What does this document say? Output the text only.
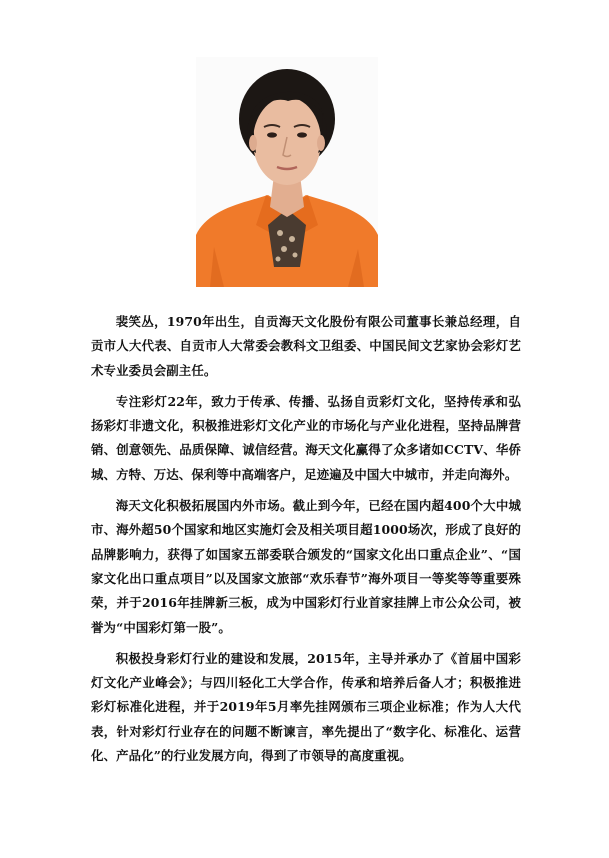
裴笑丛，1970年出生，自贡海天文化股份有限公司董事长兼总经理，自贡市人大代表、自贡市人大常委会教科文卫组委、中国民间文艺家协会彩灯艺术专业委员会副主任。

专注彩灯22年，致力于传承、传播、弘扬自贡彩灯文化，坚持传承和弘扬彩灯非遗文化，积极推进彩灯文化产业的市场化与产业化进程，坚持品牌营销、创意领先、品质保障、诚信经营。海天文化赢得了众多诸如CCTV、华侨城、方特、万达、保利等中高端客户，足迹遍及中国大中城市，并走向海外。

海天文化积极拓展国内外市场。截止到今年，已经在国内超400个大中城市、海外超50个国家和地区实施灯会及相关项目超1000场次，形成了良好的品牌影响力，获得了如国家五部委联合颁发的“国家文化出口重点企业”、“国家文化出口重点项目”以及国家文旅部“欢乐春节”海外项目一等奖等等重要殊荣，并于2016年挂牌新三板，成为中国彩灯行业首家挂牌上市公众公司，被誉为“中国彩灯第一股”。

积极投身彩灯行业的建设和发展，2015年，主导并承办了《首届中国彩灯文化产业峰会》；与四川轻化工大学合作，传承和培养后备人才；积极推进彩灯标准化进程，并于2019年5月率先挂网颁布三项企业标准；作为人大代表，针对彩灯行业存在的问题不断谏言，率先提出了“数字化、标准化、运营化、产品化”的行业发展方向，得到了市领导的高度重视。
